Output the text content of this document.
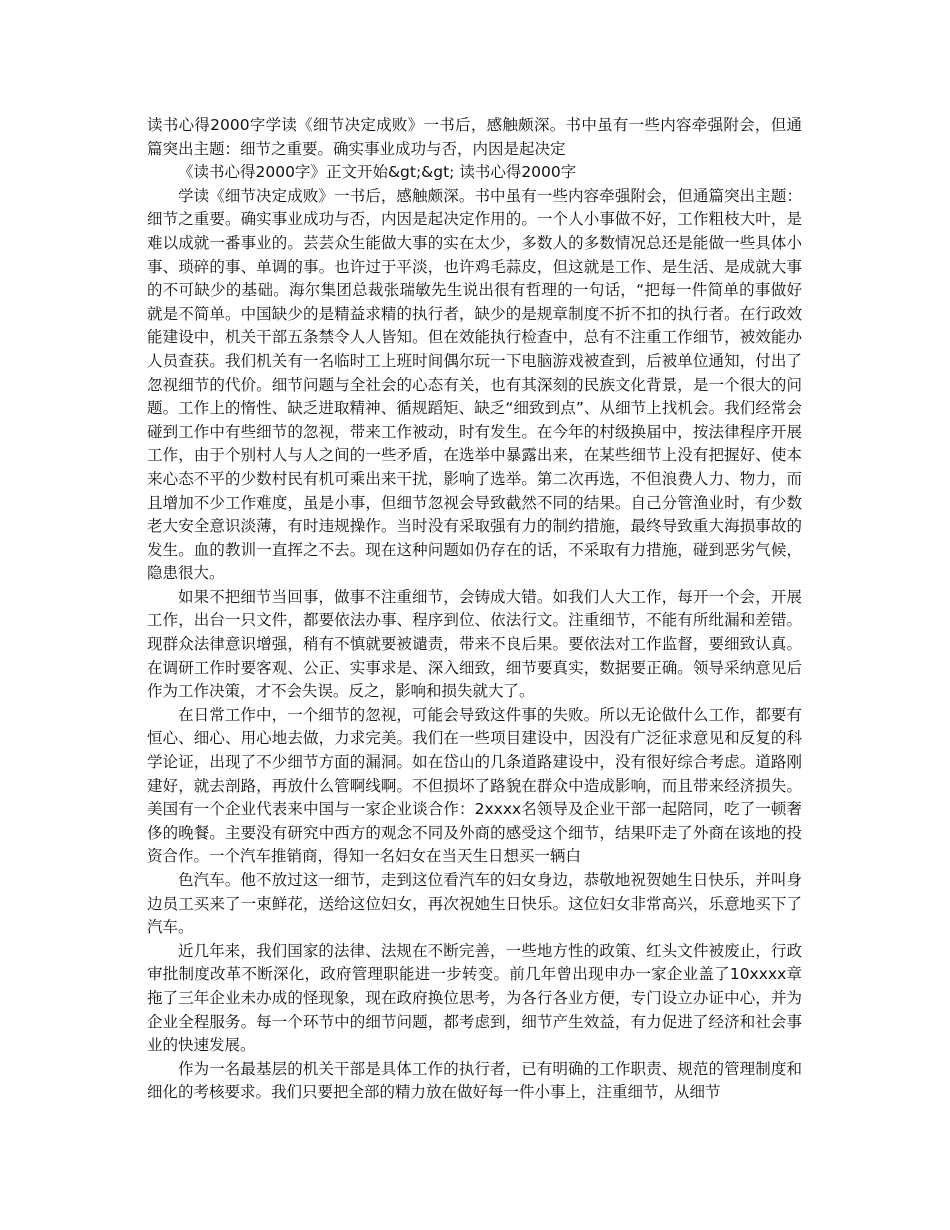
读书心得2000字学读《细节决定成败》一书后，感触颇深。书中虽有一些内容牵强附会，但通篇突出主题：细节之重要。确实事业成功与否，内因是起决定

《读书心得2000字》正文开始&gt;&gt; 读书心得2000字

学读《细节决定成败》一书后，感触颇深。书中虽有一些内容牵强附会，但通篇突出主题：细节之重要。确实事业成功与否，内因是起决定作用的。一个人小事做不好，工作粗枝大叶，是难以成就一番事业的。芸芸众生能做大事的实在太少，多数人的多数情况总还是能做一些具体小事、琐碎的事、单调的事。也许过于平淡，也许鸡毛蒜皮，但这就是工作、是生活、是成就大事的不可缺少的基础。海尔集团总裁张瑞敏先生说出很有哲理的一句话，“把每一件简单的事做好就是不简单。中国缺少的是精益求精的执行者，缺少的是规章制度不折不扣的执行者。在行政效能建设中，机关干部五条禁令人人皆知。但在效能执行检查中，总有不注重工作细节，被效能办人员查获。我们机关有一名临时工上班时间偶尔玩一下电脑游戏被查到，后被单位通知，付出了忽视细节的代价。细节问题与全社会的心态有关，也有其深刻的民族文化背景，是一个很大的问题。工作上的惰性、缺乏进取精神、循规蹈矩、缺乏“细致到点”、从细节上找机会。我们经常会碰到工作中有些细节的忽视，带来工作被动，时有发生。在今年的村级换届中，按法律程序开展工作，由于个别村人与人之间的一些矛盾，在选举中暴露出来，在某些细节上没有把握好、使本来心态不平的少数村民有机可乘出来干扰，影响了选举。第二次再选，不但浪费人力、物力，而且增加不少工作难度，虽是小事，但细节忽视会导致截然不同的结果。自己分管渔业时，有少数老大安全意识淡薄，有时违规操作。当时没有采取强有力的制约措施，最终导致重大海损事故的发生。血的教训一直挥之不去。现在这种问题如仍存在的话，不采取有力措施，碰到恶劣气候，隐患很大。

如果不把细节当回事，做事不注重细节，会铸成大错。如我们人大工作，每开一个会，开展工作，出台一只文件，都要依法办事、程序到位、依法行文。注重细节，不能有所纰漏和差错。现群众法律意识增强，稍有不慎就要被谴责，带来不良后果。要依法对工作监督，要细致认真。在调研工作时要客观、公正、实事求是、深入细致，细节要真实，数据要正确。领导采纳意见后作为工作决策，才不会失误。反之，影响和损失就大了。

在日常工作中，一个细节的忽视，可能会导致这件事的失败。所以无论做什么工作，都要有恒心、细心、用心地去做，力求完美。我们在一些项目建设中，因没有广泛征求意见和反复的科学论证，出现了不少细节方面的漏洞。如在岱山的几条道路建设中，没有很好综合考虑。道路刚建好，就去剖路，再放什么管啊线啊。不但损坏了路貌在群众中造成影响，而且带来经济损失。美国有一个企业代表来中国与一家企业谈合作：2xxxx名领导及企业干部一起陪同，吃了一顿奢侈的晚餐。主要没有研究中西方的观念不同及外商的感受这个细节，结果吓走了外商在该地的投资合作。一个汽车推销商，得知一名妇女在当天生日想买一辆白

色汽车。他不放过这一细节，走到这位看汽车的妇女身边，恭敬地祝贺她生日快乐，并叫身边员工买来了一束鲜花，送给这位妇女，再次祝她生日快乐。这位妇女非常高兴，乐意地买下了汽车。

近几年来，我们国家的法律、法规在不断完善，一些地方性的政策、红头文件被废止，行政审批制度改革不断深化，政府管理职能进一步转变。前几年曾出现申办一家企业盖了10xxxx章拖了三年企业未办成的怪现象，现在政府换位思考，为各行各业方便，专门设立办证中心，并为企业全程服务。每一个环节中的细节问题，都考虑到，细节产生效益，有力促进了经济和社会事业的快速发展。

作为一名最基层的机关干部是具体工作的执行者，已有明确的工作职责、规范的管理制度和细化的考核要求。我们只要把全部的精力放在做好每一件小事上，注重细节，从细节
